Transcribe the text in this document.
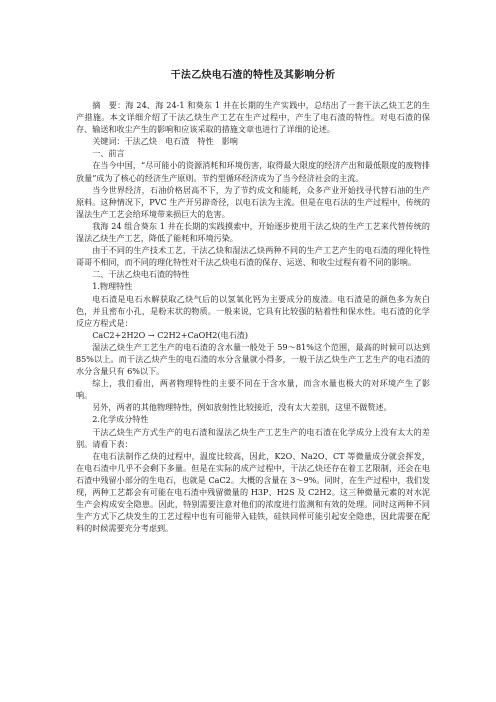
干法乙炔电石渣的特性及其影响分析

摘　要：海 24、海 24-1 和葵东 1 井在长期的生产实践中，总结出了一套干法乙炔工艺的生产措施。本文详细介绍了干法乙炔生产工艺在生产过程中，产生了电石渣的特性。对电石渣的保存、输送和收尘产生的影响和应该采取的措施文章也进行了详细的论述。

关键词：干法乙炔　电石渣　特性　影响

一、前言

在当今中国，“尽可能小的资源消耗和环境伤害，取得最大限度的经济产出和最低限度的废物排放量”成为了核心的经济生产原则。节约型循环经济成为了当今经济社会的主流。

当今世界经济，石油价格居高不下，为了节约成文和能耗，众多产业开始找寻代替石油的生产原料。这种情况下，PVC 生产开另辟奇径，以电石法为主流。但是在电石法的生产过程中，传统的湿法生产工艺会给环境带来损巨大的危害。

我海 24 组合葵东 1 井在长期的实践摸索中，开始逐步使用干法乙炔的生产工艺来代替传统的湿法乙炔生产工艺，降低了能耗和环境污染。

由于不同的生产技术工艺，干法乙炔和湿法乙炔两种不同的生产工艺产生的电石渣的理化特性哥哥不相同，而不同的理化特性对干法乙炔电石渣的保存、运送、和收尘过程有着不同的影响。

二、干法乙炔电石渣的特性

1.物理特性

电石渣是电石水解获取乙炔气后的以氢氧化钙为主要成分的废渣。电石渣是的颜色多为灰白色，并且密布小孔，是粉末状的物质。一般来说，它具有比较强的粘着性和保水性。电石渣的化学反应方程式是：

CaC2+2H2O → C2H2+CaOH2(电石渣)

湿法乙炔生产工艺生产的电石渣的含水量一般处于 59～81%这个范围，最高的时候可以达到 85%以上。而干法乙炔产生的电石渣的水分含量就小得多，一般干法乙炔生产工艺生产的电石渣的水分含量只有 6%以下。

综上，我们看出，两者物理特性的主要不同在于含水量，而含水量也极大的对环境产生了影响。

另外，两者的其他物理特性，例如放射性比较接近，没有太大差别，这里不做赘述。

2.化学成分特性

干法乙炔生产方式生产的电石渣和湿法乙炔生产工艺生产的电石渣在化学成分上没有太大的差别。请看下表：

在电石法制作乙炔的过程中，温度比较高，因此，K2O、Na2O、CT 等微量成分就会挥发，在电石渣中几乎不会剩下多量。但是在实际的成产过程中，干法乙炔还存在着工艺限制，还会在电石渣中残留小部分的生电石，也就是 CaC2。大概的含量在 3～9%。同时，在生产过程中，我们发现，两种工艺都会有可能在电石渣中残留微量的 H3P、H2S 及 C2H2。这三种微量元素的对水泥生产会构成安全隐患。因此，特别需要注意对他们的浓度进行监测和有效的处理。同时这两种不同生产方式下乙炔发生的工艺过程中也有可能带入硅铁，硅铁同样可能引起安全隐患，因此需要在配料的时候需要充分考虑到。
